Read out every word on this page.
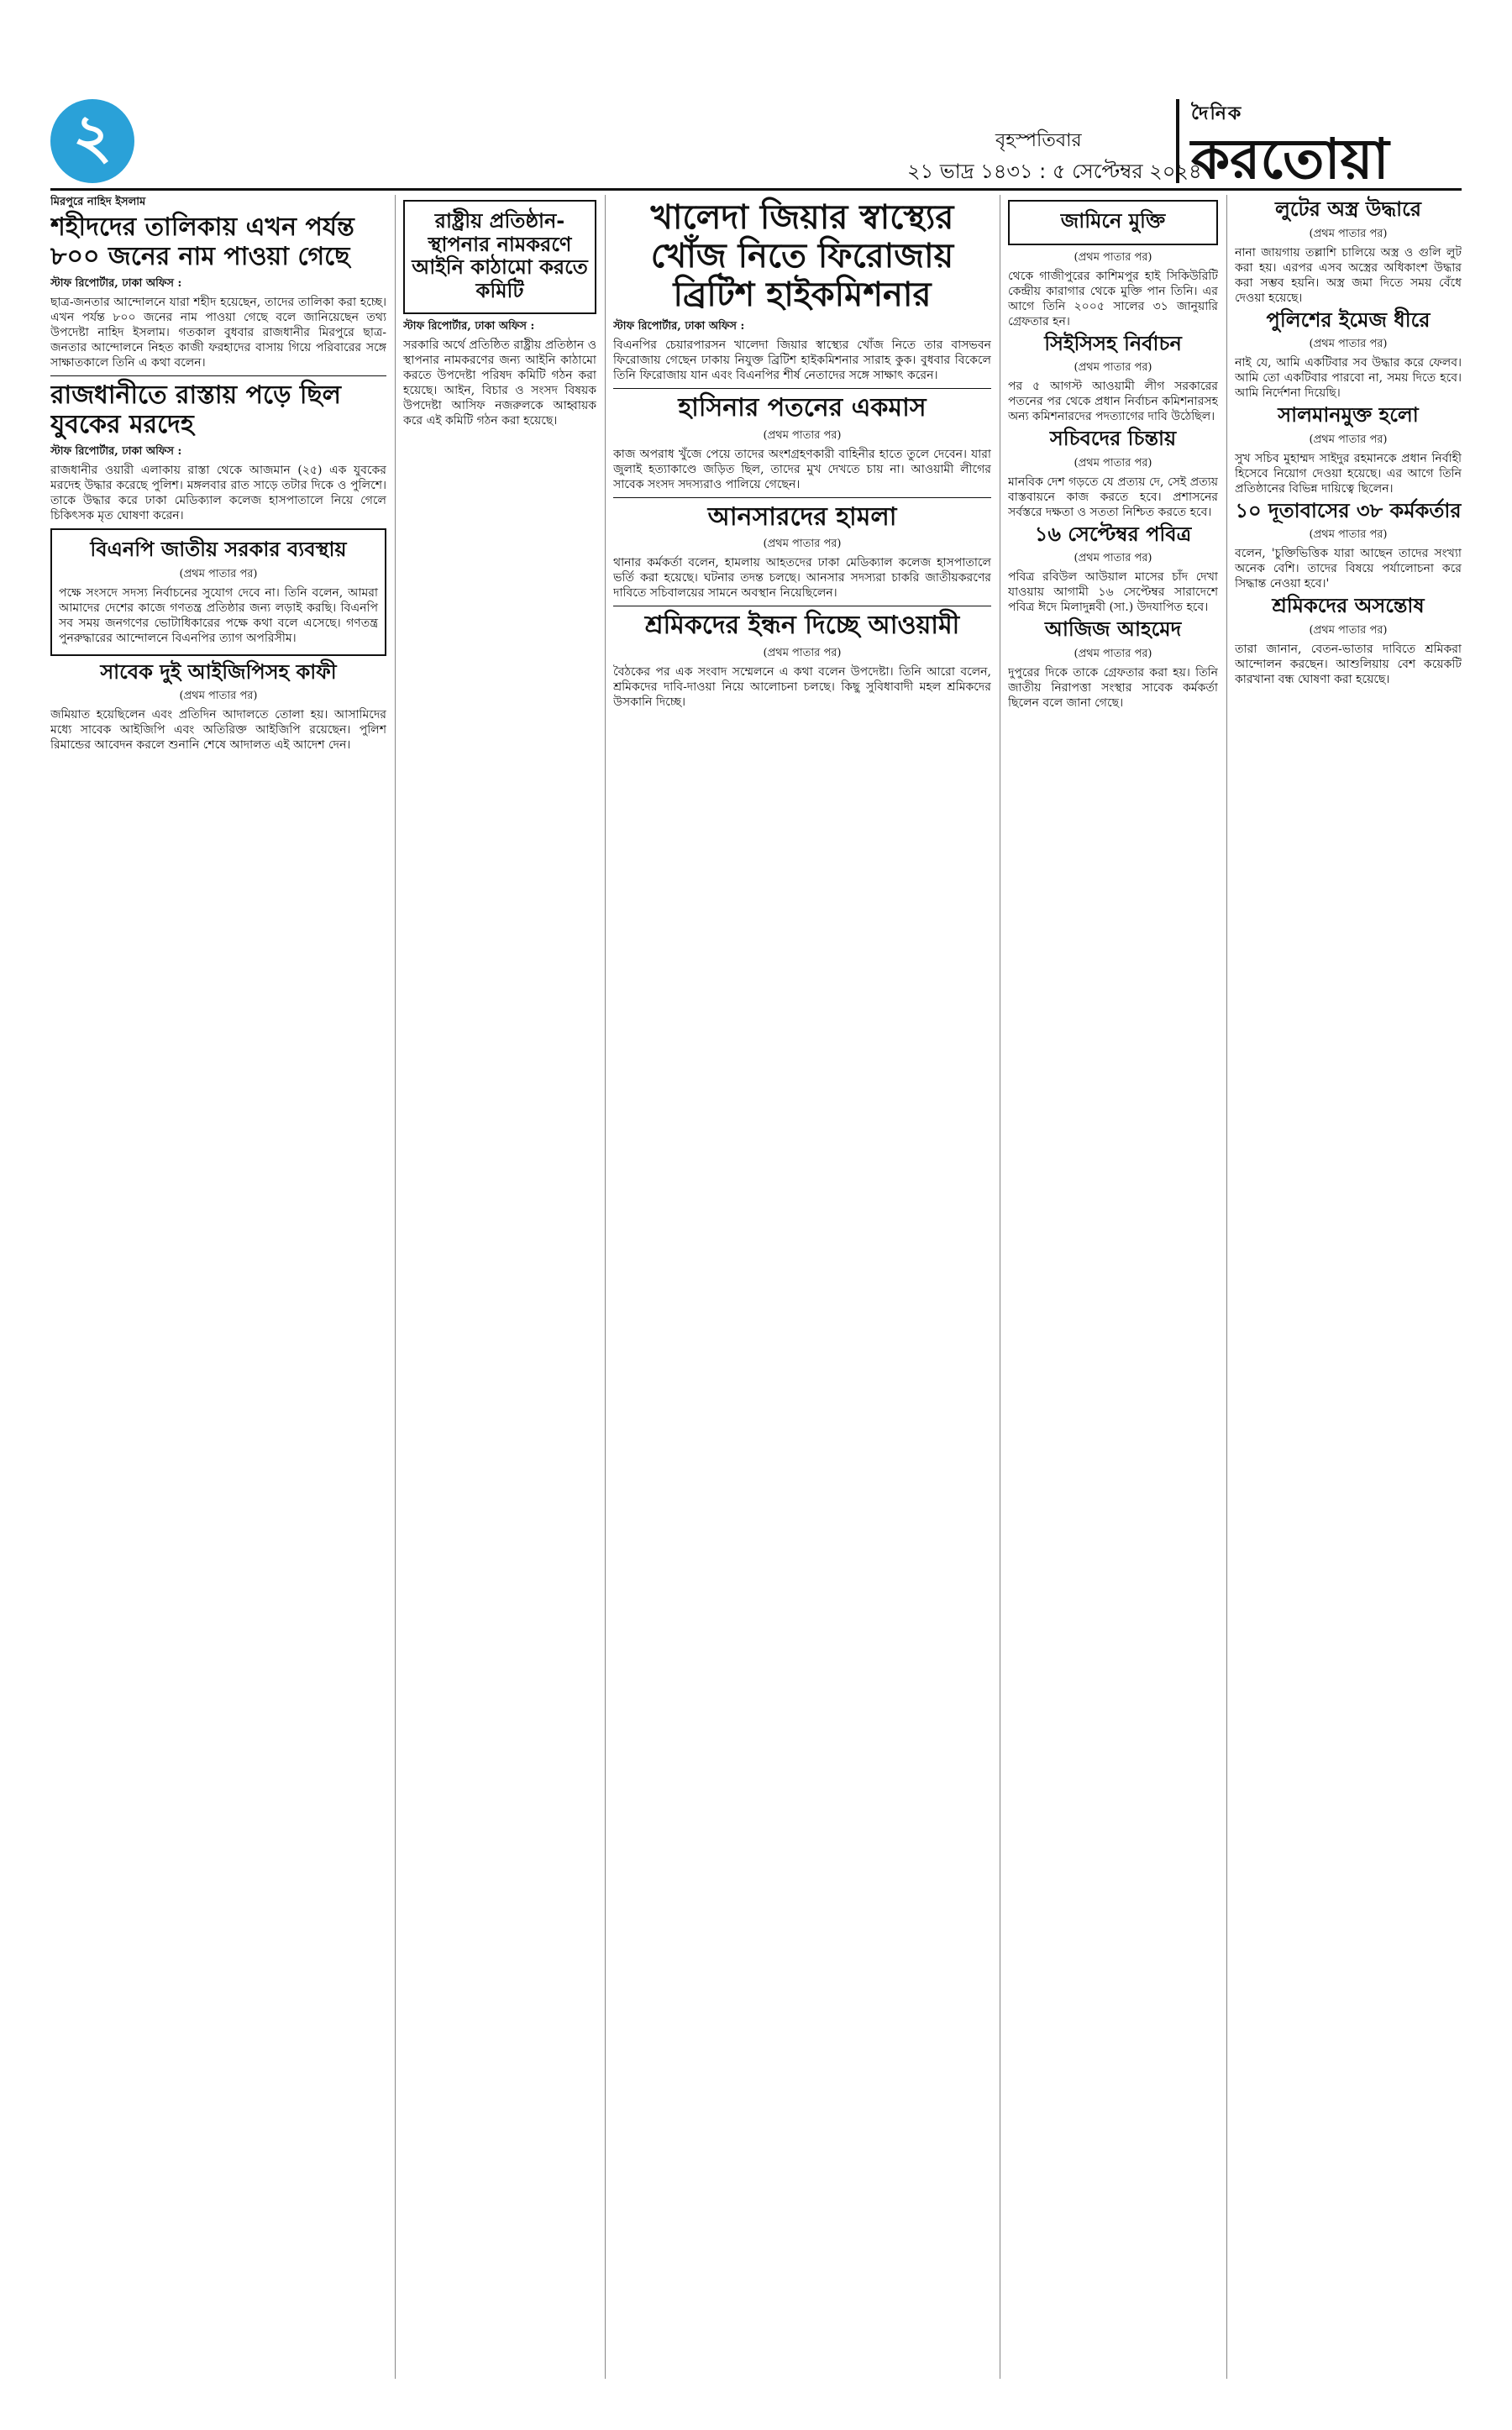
২	বৃহস্পতিবার
২১ ভাদ্র ১৪৩১ : ৫ সেপ্টেম্বর ২০২৪
দৈনিক
করতোয়া
মিরপুরে নাহিদ ইসলাম
শহীদদের তালিকায় এখন পর্যন্ত ৮০০ জনের নাম পাওয়া গেছে
স্টাফ রিপোর্টার, ঢাকা অফিস :

ছাত্র-জনতার আন্দোলনে যারা শহীদ হয়েছেন, তাদের তালিকা করা হচ্ছে। এখন পর্যন্ত ৮০০ জনের নাম পাওয়া গেছে বলে জানিয়েছেন তথ্য উপদেষ্টা নাহিদ ইসলাম। গতকাল বুধবার রাজধানীর মিরপুরে ছাত্র-জনতার আন্দোলনে নিহত কাজী ফরহাদের বাসায় গিয়ে পরিবারের সঙ্গে সাক্ষাতকালে তিনি এ কথা বলেন।

রাজধানীতে রাস্তায় পড়ে ছিল যুবকের মরদেহ
স্টাফ রিপোর্টার, ঢাকা অফিস :

রাজধানীর ওয়ারী এলাকায় রাস্তা থেকে আজমান (২৫) এক যুবকের মরদেহ উদ্ধার করেছে পুলিশ। মঙ্গলবার রাত সাড়ে তটার দিকে ও পুলিশে। তাকে উদ্ধার করে ঢাকা মেডিক্যাল কলেজ হাসপাতালে নিয়ে গেলে চিকিৎসক মৃত ঘোষণা করেন।

বিএনপি জাতীয় সরকার ব্যবস্থায়
(প্রথম পাতার পর)

পক্ষে সংসদে সদস্য নির্বাচনের সুযোগ দেবে না। তিনি বলেন, আমরা আমাদের দেশের কাজে গণতন্ত্র প্রতিষ্ঠার জন্য লড়াই করছি। বিএনপি সব সময় জনগণের ভোটাধিকারের পক্ষে কথা বলে এসেছে। গণতন্ত্র পুনরুদ্ধারের আন্দোলনে বিএনপির ত্যাগ অপরিসীম।

সাবেক দুই আইজিপিসহ কাফী
(প্রথম পাতার পর)

জমিয়াত হয়েছিলেন এবং প্রতিদিন আদালতে তোলা হয়। আসামিদের মধ্যে সাবেক আইজিপি এবং অতিরিক্ত আইজিপি রয়েছেন। পুলিশ রিমান্ডের আবেদন করলে শুনানি শেষে আদালত এই আদেশ দেন।

রাষ্ট্রীয় প্রতিষ্ঠান-স্থাপনার নামকরণে আইনি কাঠামো করতে কমিটি
স্টাফ রিপোর্টার, ঢাকা অফিস :

সরকারি অর্থে প্রতিষ্ঠিত রাষ্ট্রীয় প্রতিষ্ঠান ও স্থাপনার নামকরণের জন্য আইনি কাঠামো করতে উপদেষ্টা পরিষদ কমিটি গঠন করা হয়েছে। আইন, বিচার ও সংসদ বিষয়ক উপদেষ্টা আসিফ নজরুলকে আহ্বায়ক করে এই কমিটি গঠন করা হয়েছে।

খালেদা জিয়ার স্বাস্থ্যের খোঁজ নিতে ফিরোজায় ব্রিটিশ হাইকমিশনার
স্টাফ রিপোর্টার, ঢাকা অফিস :

বিএনপির চেয়ারপারসন খালেদা জিয়ার স্বাস্থ্যের খোঁজ নিতে তার বাসভবন ফিরোজায় গেছেন ঢাকায় নিযুক্ত ব্রিটিশ হাইকমিশনার সারাহ কুক। বুধবার বিকেলে তিনি ফিরোজায় যান এবং বিএনপির শীর্ষ নেতাদের সঙ্গে সাক্ষাৎ করেন।

হাসিনার পতনের একমাস
(প্রথম পাতার পর)

কাজ অপরাধ খুঁজে পেয়ে তাদের অংশগ্রহণকারী বাহিনীর হাতে তুলে দেবেন। যারা জুলাই হত্যাকাণ্ডে জড়িত ছিল, তাদের মুখ দেখতে চায় না। আওয়ামী লীগের সাবেক সংসদ সদস্যরাও পালিয়ে গেছেন।

আনসারদের হামলা
(প্রথম পাতার পর)

থানার কর্মকর্তা বলেন, হামলায় আহতদের ঢাকা মেডিক্যাল কলেজ হাসপাতালে ভর্তি করা হয়েছে। ঘটনার তদন্ত চলছে। আনসার সদস্যরা চাকরি জাতীয়করণের দাবিতে সচিবালয়ের সামনে অবস্থান নিয়েছিলেন।

শ্রমিকদের ইন্ধন দিচ্ছে আওয়ামী
(প্রথম পাতার পর)

বৈঠকের পর এক সংবাদ সম্মেলনে এ কথা বলেন উপদেষ্টা। তিনি আরো বলেন, শ্রমিকদের দাবি-দাওয়া নিয়ে আলোচনা চলছে। কিছু সুবিধাবাদী মহল শ্রমিকদের উসকানি দিচ্ছে।

জামিনে মুক্তি
(প্রথম পাতার পর)

থেকে গাজীপুরের কাশিমপুর হাই সিকিউরিটি কেন্দ্রীয় কারাগার থেকে মুক্তি পান তিনি। এর আগে তিনি ২০০৫ সালের ৩১ জানুয়ারি গ্রেফতার হন।

সিইসিসহ নির্বাচন
(প্রথম পাতার পর)

পর ৫ আগস্ট আওয়ামী লীগ সরকারের পতনের পর থেকে প্রধান নির্বাচন কমিশনারসহ অন্য কমিশনারদের পদত্যাগের দাবি উঠেছিল।

সচিবদের চিন্তায়
(প্রথম পাতার পর)

মানবিক দেশ গড়তে যে প্রত্যয় দে, সেই প্রত্যয় বাস্তবায়নে কাজ করতে হবে। প্রশাসনের সর্বস্তরে দক্ষতা ও সততা নিশ্চিত করতে হবে।

১৬ সেপ্টেম্বর পবিত্র
(প্রথম পাতার পর)

পবিত্র রবিউল আউয়াল মাসের চাঁদ দেখা যাওয়ায় আগামী ১৬ সেপ্টেম্বর সারাদেশে পবিত্র ঈদে মিলাদুন্নবী (সা.) উদযাপিত হবে।

আজিজ আহমেদ
(প্রথম পাতার পর)

দুপুরের দিকে তাকে গ্রেফতার করা হয়। তিনি জাতীয় নিরাপত্তা সংস্থার সাবেক কর্মকর্তা ছিলেন বলে জানা গেছে।

লুটের অস্ত্র উদ্ধারে
(প্রথম পাতার পর)

নানা জায়গায় তল্লাশি চালিয়ে অস্ত্র ও গুলি লুট করা হয়। এরপর এসব অস্ত্রের অধিকাংশ উদ্ধার করা সম্ভব হয়নি। অস্ত্র জমা দিতে সময় বেঁধে দেওয়া হয়েছে।

পুলিশের ইমেজ ধীরে
(প্রথম পাতার পর)

নাই যে, আমি একটিবার সব উদ্ধার করে ফেলব। আমি তো একটিবার পারবো না, সময় দিতে হবে। আমি নির্দেশনা দিয়েছি।

সালমানমুক্ত হলো
(প্রথম পাতার পর)

সুখ সচিব মুহাম্মদ সাইদুর রহমানকে প্রধান নির্বাহী হিসেবে নিয়োগ দেওয়া হয়েছে। এর আগে তিনি প্রতিষ্ঠানের বিভিন্ন দায়িত্বে ছিলেন।

১০ দূতাবাসের ৩৮ কর্মকর্তার
(প্রথম পাতার পর)

বলেন, 'চুক্তিভিত্তিক যারা আছেন তাদের সংখ্যা অনেক বেশি। তাদের বিষয়ে পর্যালোচনা করে সিদ্ধান্ত নেওয়া হবে।'

শ্রমিকদের অসন্তোষ
(প্রথম পাতার পর)

তারা জানান, বেতন-ভাতার দাবিতে শ্রমিকরা আন্দোলন করছেন। আশুলিয়ায় বেশ কয়েকটি কারখানা বন্ধ ঘোষণা করা হয়েছে।
